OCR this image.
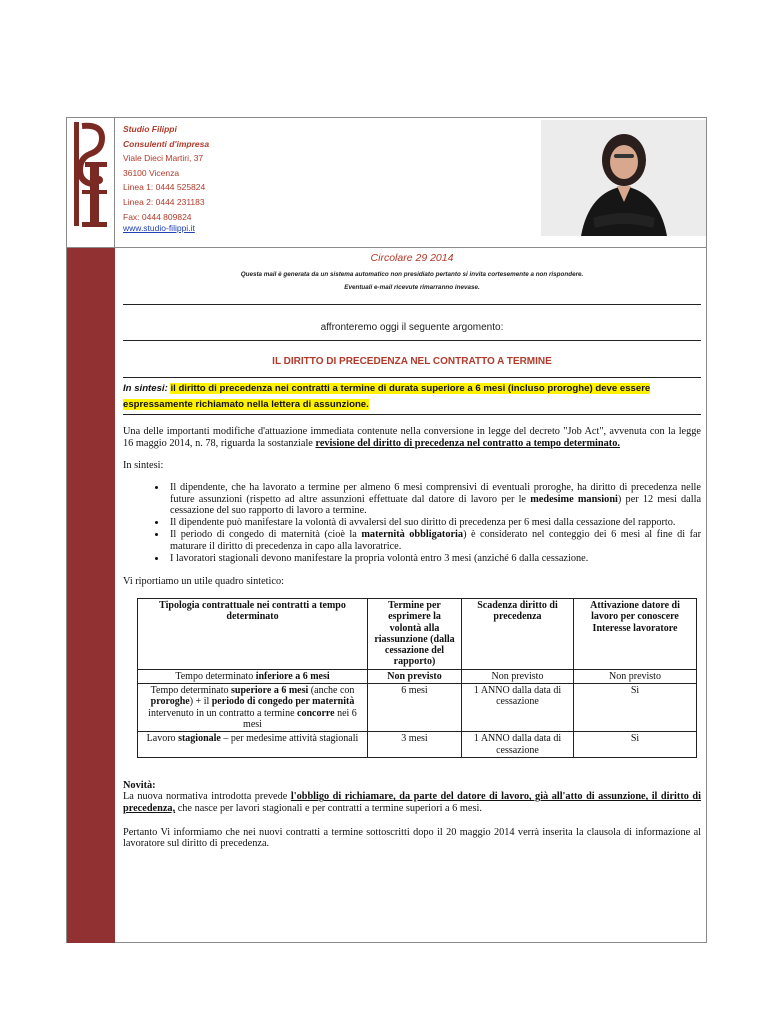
Studio Filippi
Consulenti d'impresa
Viale Dieci Martiri, 37
36100 Vicenza
Linea 1: 0444 525824
Linea 2: 0444 231183
Fax: 0444 809824
www.studio-filippi.it
Circolare 29 2014
Questa mail è generata da un sistema automatico non presidiato pertanto si invita cortesemente a non rispondere.
Eventuali e-mail ricevute rimarranno inevase.
affronteremo oggi il seguente argomento:
IL DIRITTO DI PRECEDENZA NEL CONTRATTO A TERMINE
In sintesi: il diritto di precedenza nei contratti a termine di durata superiore a 6 mesi (incluso proroghe) deve essere espressamente richiamato nella lettera di assunzione.

Una delle importanti modifiche d'attuazione immediata contenute nella conversione in legge del decreto "Job Act", avvenuta con la legge 16 maggio 2014, n. 78, riguarda la sostanziale revisione del diritto di precedenza nel contratto a tempo determinato.

In sintesi:

• Il dipendente, che ha lavorato a termine per almeno 6 mesi comprensivi di eventuali proroghe, ha diritto di precedenza nelle future assunzioni (rispetto ad altre assunzioni effettuate dal datore di lavoro per le medesime mansioni) per 12 mesi dalla cessazione del suo rapporto di lavoro a termine.
• Il dipendente può manifestare la volontà di avvalersi del suo diritto di precedenza per 6 mesi dalla cessazione del rapporto.
• Il periodo di congedo di maternità (cioè la maternità obbligatoria) è considerato nel conteggio dei 6 mesi al fine di far maturare il diritto di precedenza in capo alla lavoratrice.
• I lavoratori stagionali devono manifestare la propria volontà entro 3 mesi (anziché 6 dalla cessazione.

Vi riportiamo un utile quadro sintetico:

Tipologia contrattuale nei contratti a tempo determinato	Termine per esprimere la volontà alla riassunzione (dalla cessazione del rapporto)	Scadenza diritto di precedenza	Attivazione datore di lavoro per conoscere Interesse lavoratore
Tempo determinato inferiore a 6 mesi	Non previsto	Non previsto	Non previsto
Tempo determinato superiore a 6 mesi (anche con proroghe) + il periodo di congedo per maternità intervenuto in un contratto a termine concorre nei 6 mesi	6 mesi	1 ANNO dalla data di cessazione	Sì
Lavoro stagionale – per medesime attività stagionali	3 mesi	1 ANNO dalla data di cessazione	Sì

Novità:

La nuova normativa introdotta prevede l'obbligo di richiamare, da parte del datore di lavoro, già all'atto di assunzione, il diritto di precedenza, che nasce per lavori stagionali e per contratti a termine superiori a 6 mesi.

Pertanto Vi informiamo che nei nuovi contratti a termine sottoscritti dopo il 20 maggio 2014 verrà inserita la clausola di informazione al lavoratore sul diritto di precedenza.
